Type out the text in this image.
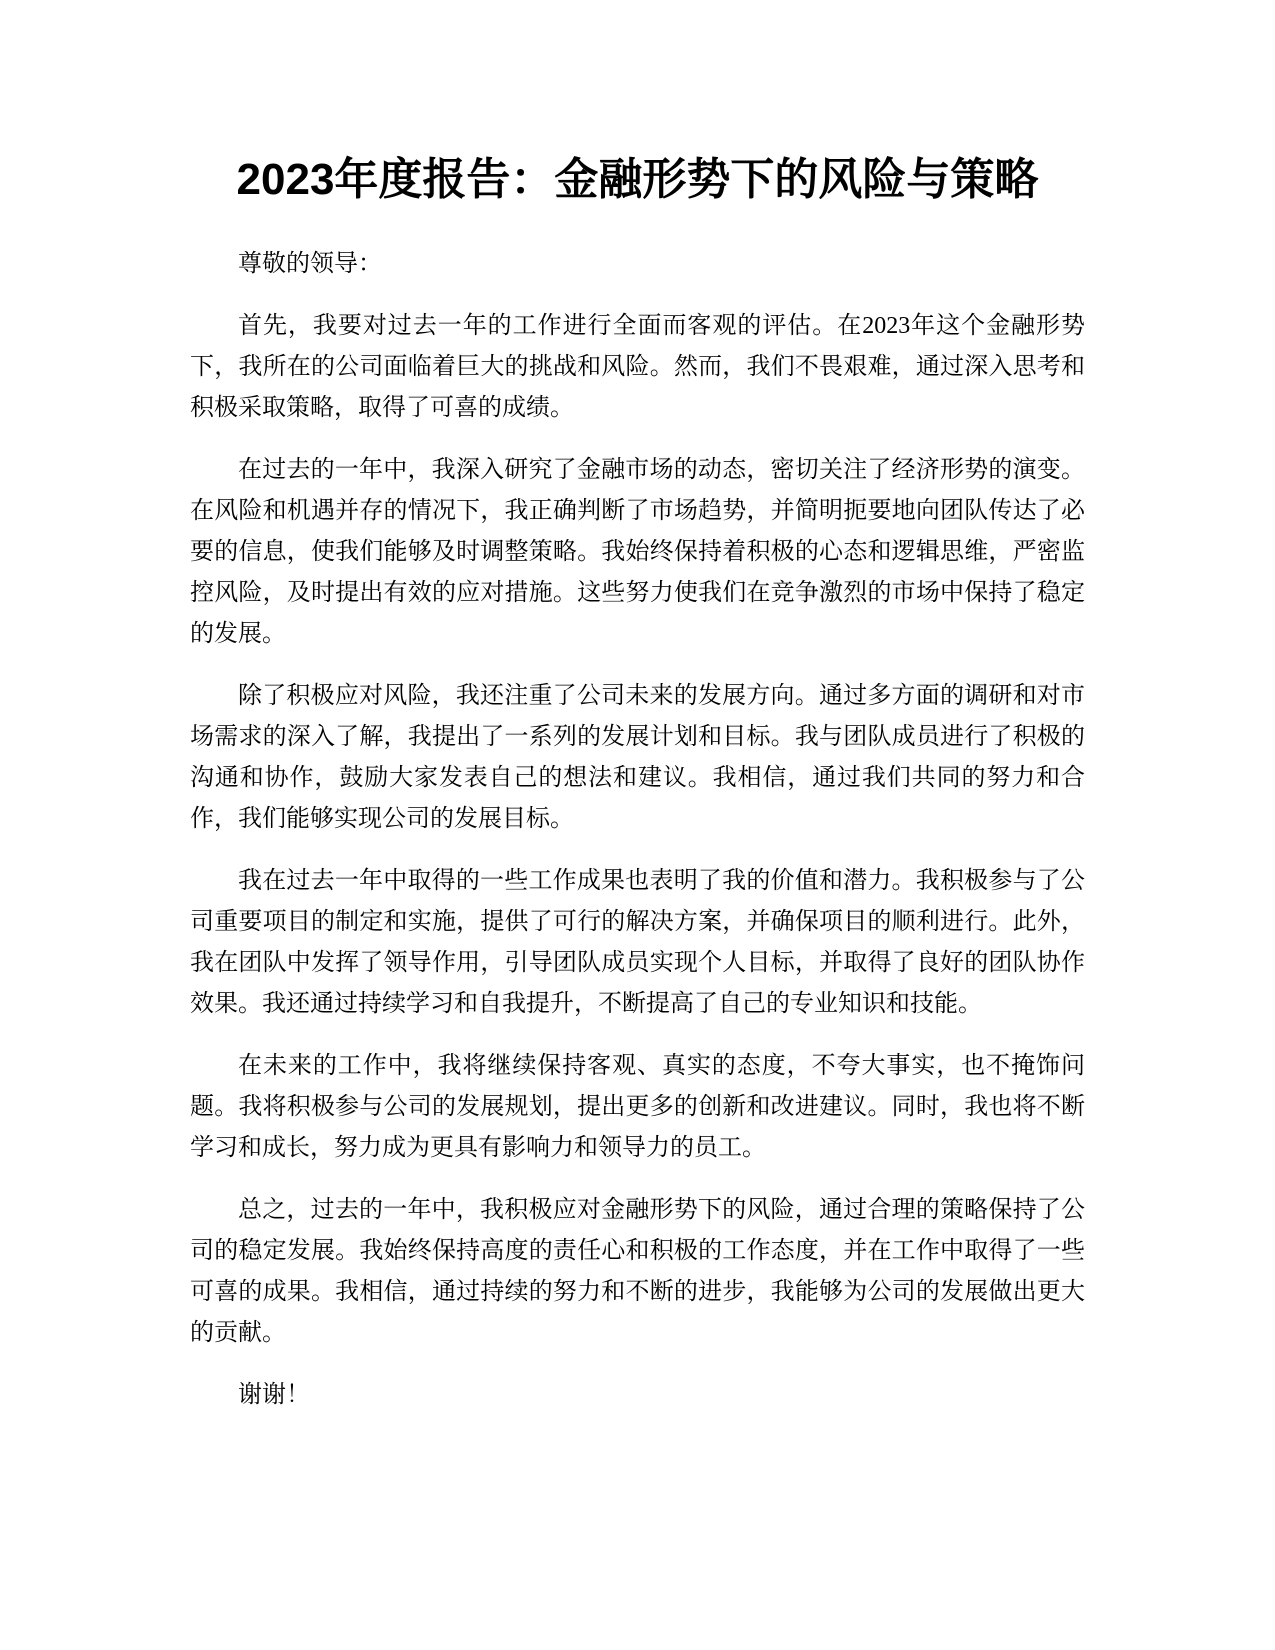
2023年度报告：金融形势下的风险与策略

尊敬的领导：

首先，我要对过去一年的工作进行全面而客观的评估。在2023年这个金融形势下，我所在的公司面临着巨大的挑战和风险。然而，我们不畏艰难，通过深入思考和积极采取策略，取得了可喜的成绩。

在过去的一年中，我深入研究了金融市场的动态，密切关注了经济形势的演变。在风险和机遇并存的情况下，我正确判断了市场趋势，并简明扼要地向团队传达了必要的信息，使我们能够及时调整策略。我始终保持着积极的心态和逻辑思维，严密监控风险，及时提出有效的应对措施。这些努力使我们在竞争激烈的市场中保持了稳定的发展。

除了积极应对风险，我还注重了公司未来的发展方向。通过多方面的调研和对市场需求的深入了解，我提出了一系列的发展计划和目标。我与团队成员进行了积极的沟通和协作，鼓励大家发表自己的想法和建议。我相信，通过我们共同的努力和合作，我们能够实现公司的发展目标。

我在过去一年中取得的一些工作成果也表明了我的价值和潜力。我积极参与了公司重要项目的制定和实施，提供了可行的解决方案，并确保项目的顺利进行。此外，我在团队中发挥了领导作用，引导团队成员实现个人目标，并取得了良好的团队协作效果。我还通过持续学习和自我提升，不断提高了自己的专业知识和技能。

在未来的工作中，我将继续保持客观、真实的态度，不夸大事实，也不掩饰问题。我将积极参与公司的发展规划，提出更多的创新和改进建议。同时，我也将不断学习和成长，努力成为更具有影响力和领导力的员工。

总之，过去的一年中，我积极应对金融形势下的风险，通过合理的策略保持了公司的稳定发展。我始终保持高度的责任心和积极的工作态度，并在工作中取得了一些可喜的成果。我相信，通过持续的努力和不断的进步，我能够为公司的发展做出更大的贡献。

谢谢！
